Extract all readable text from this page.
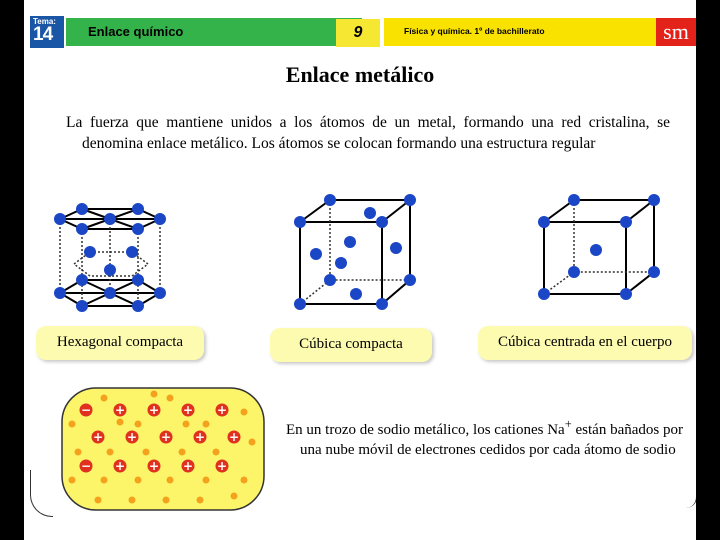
Tema:
14	Enlace químico	9	Física y química. 1º de bachillerato	sm
Enlace metálico

La fuerza que mantiene unidos a los átomos de un metal, formando una red cristalina, se denomina enlace metálico. Los átomos se colocan formando una estructura regular

Hexagonal compacta	Cúbica compacta	Cúbica centrada en el cuerpo
− + + + +
+ + + + +
− + + + +

En un trozo de sodio metálico, los cationes Na+ están bañados por una nube móvil de electrones cedidos por cada átomo de sodio
